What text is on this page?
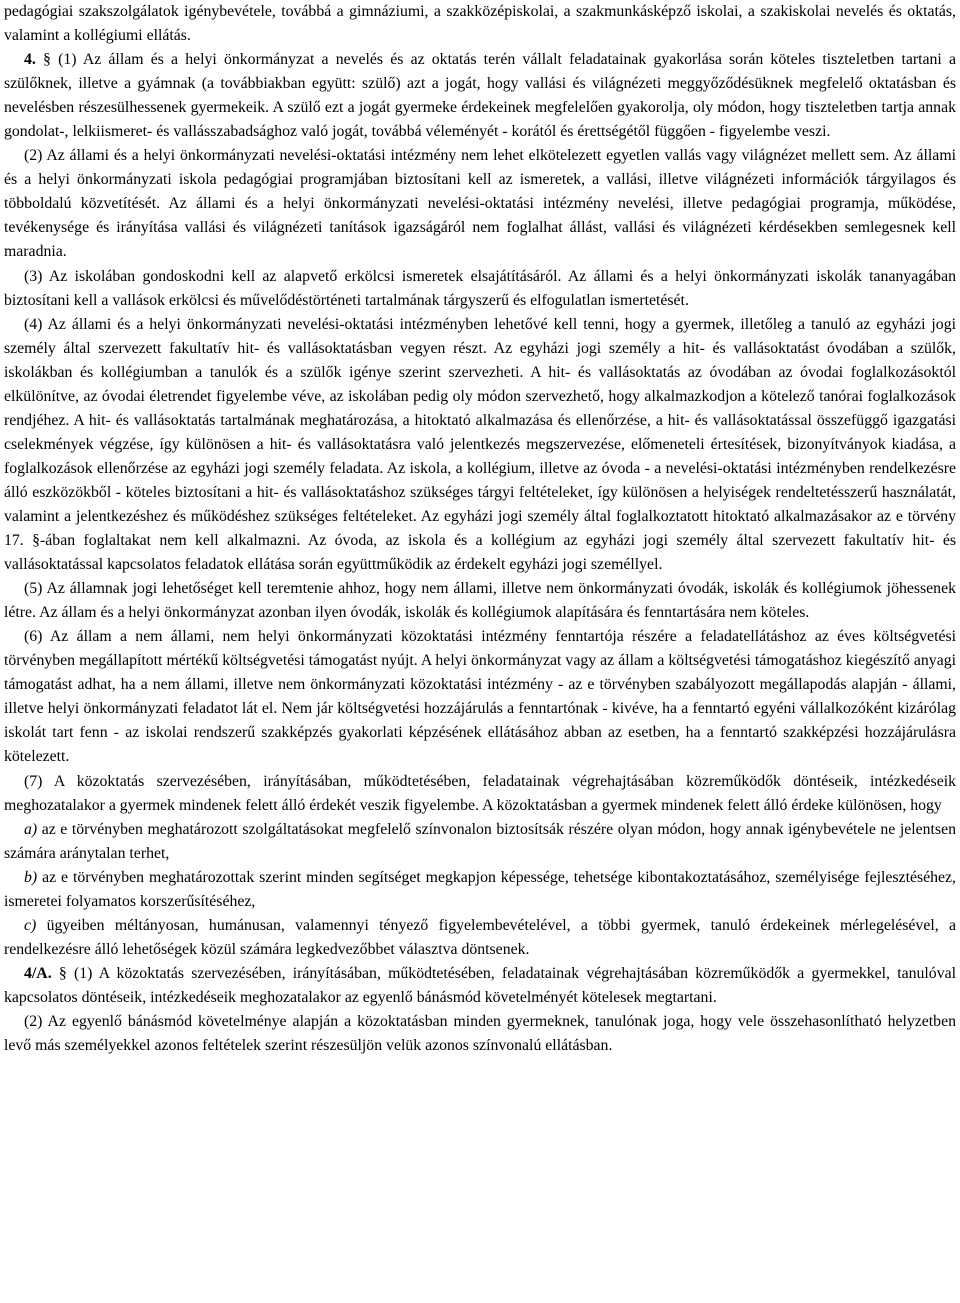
pedagógiai szakszolgálatok igénybevétele, továbbá a gimnáziumi, a szakközépiskolai, a szakmunkásképző iskolai, a szakiskolai nevelés és oktatás, valamint a kollégiumi ellátás.

4. § (1) Az állam és a helyi önkormányzat a nevelés és az oktatás terén vállalt feladatainak gyakorlása során köteles tiszteletben tartani a szülőknek, illetve a gyámnak (a továbbiakban együtt: szülő) azt a jogát, hogy vallási és világnézeti meggyőződésüknek megfelelő oktatásban és nevelésben részesülhessenek gyermekeik. A szülő ezt a jogát gyermeke érdekeinek megfelelően gyakorolja, oly módon, hogy tiszteletben tartja annak gondolat-, lelkiismeret- és vallásszabadsághoz való jogát, továbbá véleményét - korától és érettségétől függően - figyelembe veszi.

(2) Az állami és a helyi önkormányzati nevelési-oktatási intézmény nem lehet elkötelezett egyetlen vallás vagy világnézet mellett sem. Az állami és a helyi önkormányzati iskola pedagógiai programjában biztosítani kell az ismeretek, a vallási, illetve világnézeti információk tárgyilagos és többoldalú közvetítését. Az állami és a helyi önkormányzati nevelési-oktatási intézmény nevelési, illetve pedagógiai programja, működése, tevékenysége és irányítása vallási és világnézeti tanítások igazságáról nem foglalhat állást, vallási és világnézeti kérdésekben semlegesnek kell maradnia.

(3) Az iskolában gondoskodni kell az alapvető erkölcsi ismeretek elsajátításáról. Az állami és a helyi önkormányzati iskolák tananyagában biztosítani kell a vallások erkölcsi és művelődéstörténeti tartalmának tárgyszerű és elfogulatlan ismertetését.

(4) Az állami és a helyi önkormányzati nevelési-oktatási intézményben lehetővé kell tenni, hogy a gyermek, illetőleg a tanuló az egyházi jogi személy által szervezett fakultatív hit- és vallásoktatásban vegyen részt. Az egyházi jogi személy a hit- és vallásoktatást óvodában a szülők, iskolákban és kollégiumban a tanulók és a szülők igénye szerint szervezheti. A hit- és vallásoktatás az óvodában az óvodai foglalkozásoktól elkülönítve, az óvodai életrendet figyelembe véve, az iskolában pedig oly módon szervezhető, hogy alkalmazkodjon a kötelező tanórai foglalkozások rendjéhez. A hit- és vallásoktatás tartalmának meghatározása, a hitoktató alkalmazása és ellenőrzése, a hit- és vallásoktatással összefüggő igazgatási cselekmények végzése, így különösen a hit- és vallásoktatásra való jelentkezés megszervezése, előmeneteli értesítések, bizonyítványok kiadása, a foglalkozások ellenőrzése az egyházi jogi személy feladata. Az iskola, a kollégium, illetve az óvoda - a nevelési-oktatási intézményben rendelkezésre álló eszközökből - köteles biztosítani a hit- és vallásoktatáshoz szükséges tárgyi feltételeket, így különösen a helyiségek rendeltetésszerű használatát, valamint a jelentkezéshez és működéshez szükséges feltételeket. Az egyházi jogi személy által foglalkoztatott hitoktató alkalmazásakor az e törvény 17. §-ában foglaltakat nem kell alkalmazni. Az óvoda, az iskola és a kollégium az egyházi jogi személy által szervezett fakultatív hit- és vallásoktatással kapcsolatos feladatok ellátása során együttműködik az érdekelt egyházi jogi személlyel.

(5) Az államnak jogi lehetőséget kell teremtenie ahhoz, hogy nem állami, illetve nem önkormányzati óvodák, iskolák és kollégiumok jöhessenek létre. Az állam és a helyi önkormányzat azonban ilyen óvodák, iskolák és kollégiumok alapítására és fenntartására nem köteles.

(6) Az állam a nem állami, nem helyi önkormányzati közoktatási intézmény fenntartója részére a feladatellátáshoz az éves költségvetési törvényben megállapított mértékű költségvetési támogatást nyújt. A helyi önkormányzat vagy az állam a költségvetési támogatáshoz kiegészítő anyagi támogatást adhat, ha a nem állami, illetve nem önkormányzati közoktatási intézmény - az e törvényben szabályozott megállapodás alapján - állami, illetve helyi önkormányzati feladatot lát el. Nem jár költségvetési hozzájárulás a fenntartónak - kivéve, ha a fenntartó egyéni vállalkozóként kizárólag iskolát tart fenn - az iskolai rendszerű szakképzés gyakorlati képzésének ellátásához abban az esetben, ha a fenntartó szakképzési hozzájárulásra kötelezett.

(7) A közoktatás szervezésében, irányításában, működtetésében, feladatainak végrehajtásában közreműködők döntéseik, intézkedéseik meghozatalakor a gyermek mindenek felett álló érdekét veszik figyelembe. A közoktatásban a gyermek mindenek felett álló érdeke különösen, hogy

a) az e törvényben meghatározott szolgáltatásokat megfelelő színvonalon biztosítsák részére olyan módon, hogy annak igénybevétele ne jelentsen számára aránytalan terhet,

b) az e törvényben meghatározottak szerint minden segítséget megkapjon képessége, tehetsége kibontakoztatásához, személyisége fejlesztéséhez, ismeretei folyamatos korszerűsítéséhez,

c) ügyeiben méltányosan, humánusan, valamennyi tényező figyelembevételével, a többi gyermek, tanuló érdekeinek mérlegelésével, a rendelkezésre álló lehetőségek közül számára legkedvezőbbet választva döntsenek.

4/A. § (1) A közoktatás szervezésében, irányításában, működtetésében, feladatainak végrehajtásában közreműködők a gyermekkel, tanulóval kapcsolatos döntéseik, intézkedéseik meghozatalakor az egyenlő bánásmód követelményét kötelesek megtartani.

(2) Az egyenlő bánásmód követelménye alapján a közoktatásban minden gyermeknek, tanulónak joga, hogy vele összehasonlítható helyzetben levő más személyekkel azonos feltételek szerint részesüljön velük azonos színvonalú ellátásban.
